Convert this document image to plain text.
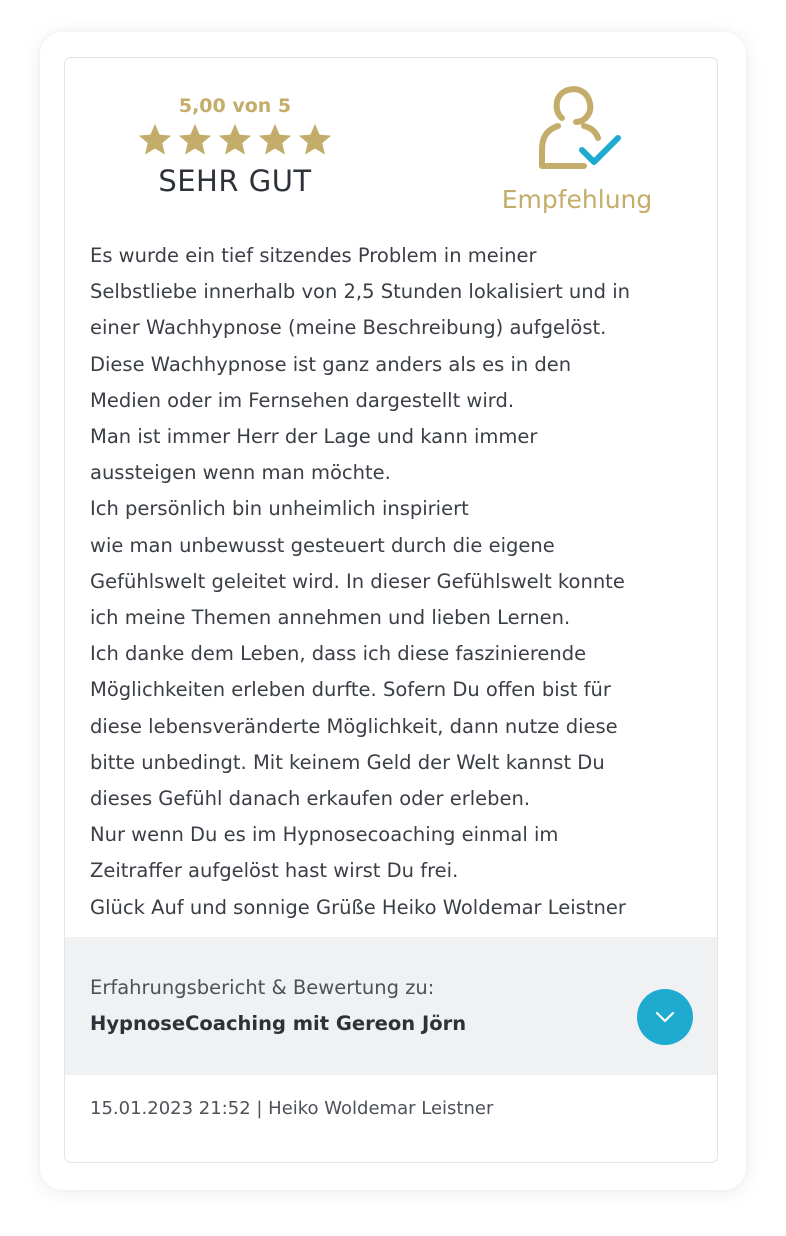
5,00 von 5
SEHR GUT
Empfehlung
Es wurde ein tief sitzendes Problem in meiner
Selbstliebe innerhalb von 2,5 Stunden lokalisiert und in
einer Wachhypnose (meine Beschreibung) aufgelöst.
Diese Wachhypnose ist ganz anders als es in den
Medien oder im Fernsehen dargestellt wird.
Man ist immer Herr der Lage und kann immer
aussteigen wenn man möchte.
Ich persönlich bin unheimlich inspiriert
wie man unbewusst gesteuert durch die eigene
Gefühlswelt geleitet wird. In dieser Gefühlswelt konnte
ich meine Themen annehmen und lieben Lernen.
Ich danke dem Leben, dass ich diese faszinierende
Möglichkeiten erleben durfte. Sofern Du offen bist für
diese lebensveränderte Möglichkeit, dann nutze diese
bitte unbedingt. Mit keinem Geld der Welt kannst Du
dieses Gefühl danach erkaufen oder erleben.
Nur wenn Du es im Hypnosecoaching einmal im
Zeitraffer aufgelöst hast wirst Du frei.
Glück Auf und sonnige Grüße Heiko Woldemar Leistner
Erfahrungsbericht & Bewertung zu:
HypnoseCoaching mit Gereon Jörn
15.01.2023 21:52 | Heiko Woldemar Leistner
